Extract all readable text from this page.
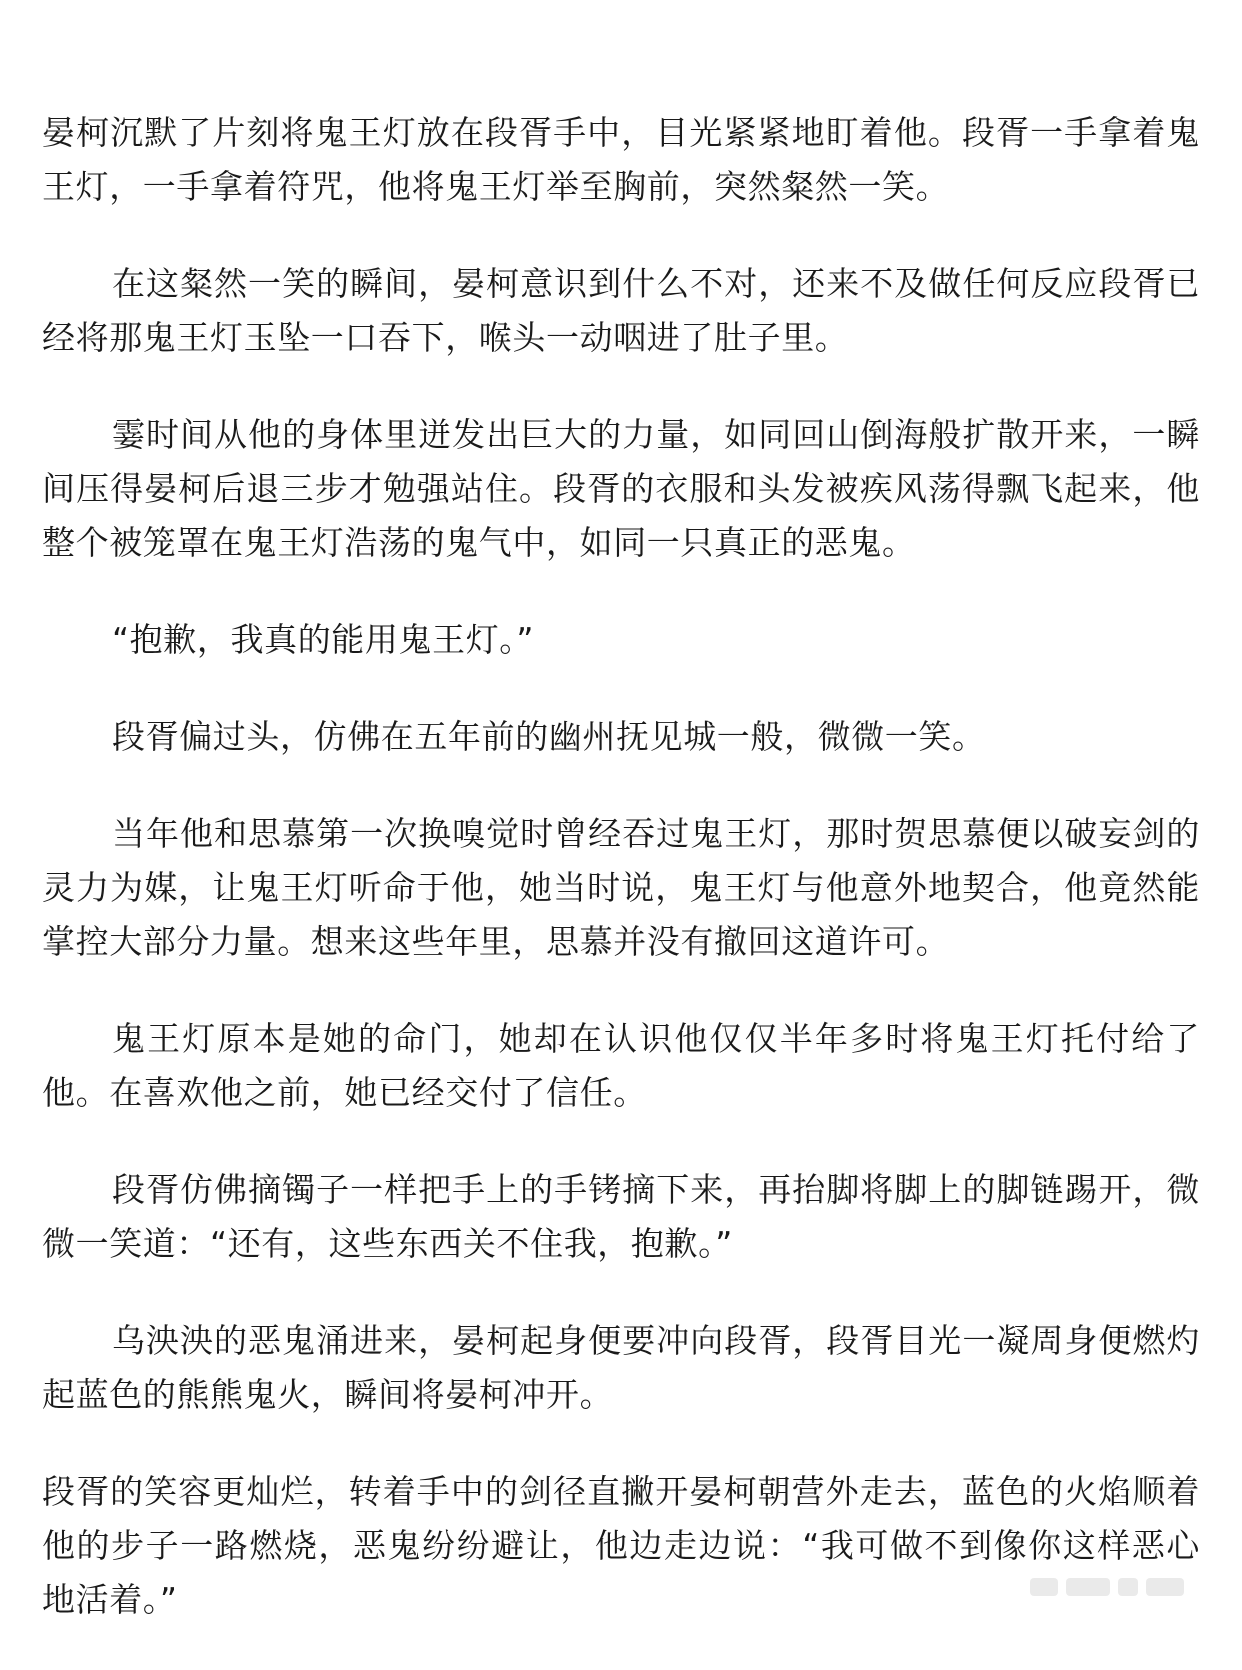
晏柯沉默了片刻将鬼王灯放在段胥手中，目光紧紧地盯着他。段胥一手拿着鬼王灯，一手拿着符咒，他将鬼王灯举至胸前，突然粲然一笑。

在这粲然一笑的瞬间，晏柯意识到什么不对，还来不及做任何反应段胥已经将那鬼王灯玉坠一口吞下，喉头一动咽进了肚子里。

霎时间从他的身体里迸发出巨大的力量，如同回山倒海般扩散开来，一瞬间压得晏柯后退三步才勉强站住。段胥的衣服和头发被疾风荡得飘飞起来，他整个被笼罩在鬼王灯浩荡的鬼气中，如同一只真正的恶鬼。

“抱歉，我真的能用鬼王灯。”

段胥偏过头，仿佛在五年前的幽州抚见城一般，微微一笑。

当年他和思慕第一次换嗅觉时曾经吞过鬼王灯，那时贺思慕便以破妄剑的灵力为媒，让鬼王灯听命于他，她当时说，鬼王灯与他意外地契合，他竟然能掌控大部分力量。想来这些年里，思慕并没有撤回这道许可。

鬼王灯原本是她的命门，她却在认识他仅仅半年多时将鬼王灯托付给了他。在喜欢他之前，她已经交付了信任。

段胥仿佛摘镯子一样把手上的手铐摘下来，再抬脚将脚上的脚链踢开，微微一笑道：“还有，这些东西关不住我，抱歉。”

乌泱泱的恶鬼涌进来，晏柯起身便要冲向段胥，段胥目光一凝周身便燃灼起蓝色的熊熊鬼火，瞬间将晏柯冲开。

段胥的笑容更灿烂，转着手中的剑径直撇开晏柯朝营外走去，蓝色的火焰顺着他的步子一路燃烧，恶鬼纷纷避让，他边走边说：“我可做不到像你这样恶心地活着。”
